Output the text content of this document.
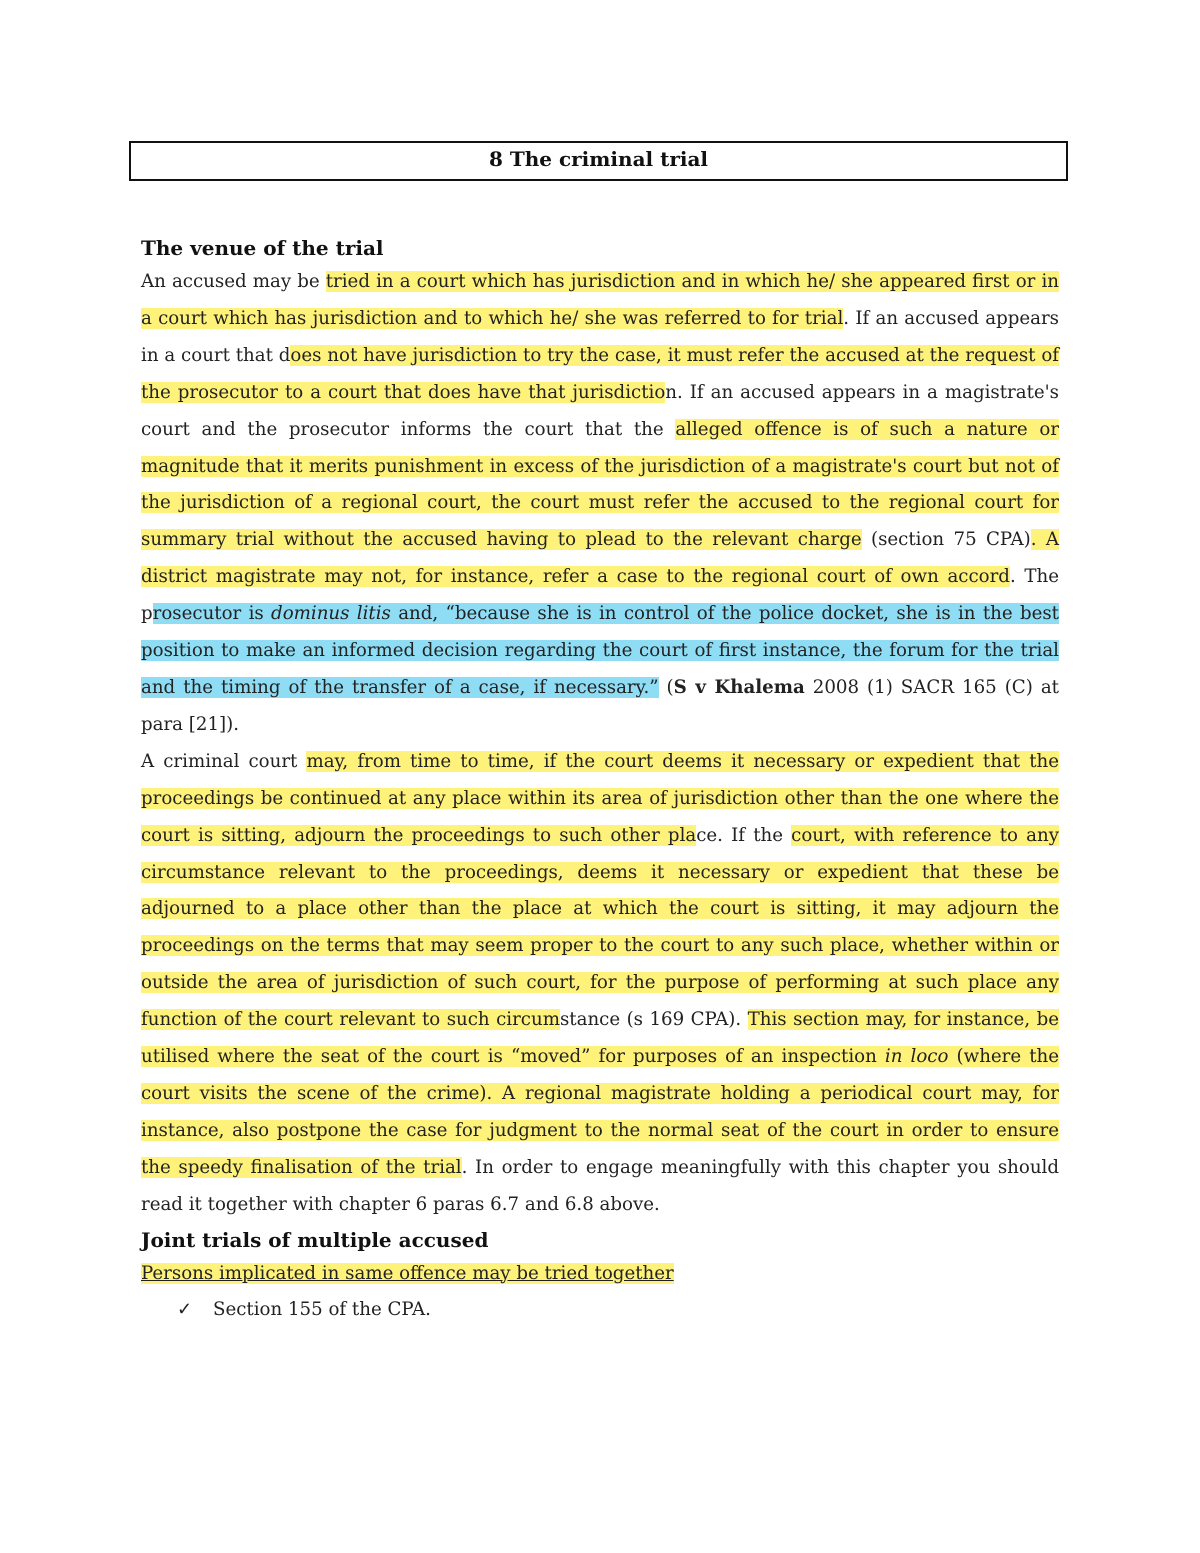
8 The criminal trial
The venue of the trial

An accused may be tried in a court which has jurisdiction and in which he/ she appeared first or in a court which has jurisdiction and to which he/ she was referred to for trial. If an accused appears in a court that does not have jurisdiction to try the case, it must refer the accused at the request of the prosecutor to a court that does have that jurisdiction. If an accused appears in a magistrate's court and the prosecutor informs the court that the alleged offence is of such a nature or magnitude that it merits punishment in excess of the jurisdiction of a magistrate's court but not of the jurisdiction of a regional court, the court must refer the accused to the regional court for summary trial without the accused having to plead to the relevant charge (section 75 CPA). A district magistrate may not, for instance, refer a case to the regional court of own accord. The prosecutor is dominus litis and, “because she is in control of the police docket, she is in the best position to make an informed decision regarding the court of first instance, the forum for the trial and the timing of the transfer of a case, if necessary.” (S v Khalema 2008 (1) SACR 165 (C) at para [21]).

A criminal court may, from time to time, if the court deems it necessary or expedient that the proceedings be continued at any place within its area of jurisdiction other than the one where the court is sitting, adjourn the proceedings to such other place. If the court, with reference to any circumstance relevant to the proceedings, deems it necessary or expedient that these be adjourned to a place other than the place at which the court is sitting, it may adjourn the proceedings on the terms that may seem proper to the court to any such place, whether within or outside the area of jurisdiction of such court, for the purpose of performing at such place any function of the court relevant to such circumstance (s 169 CPA). This section may, for instance, be utilised where the seat of the court is “moved” for purposes of an inspection in loco (where the court visits the scene of the crime). A regional magistrate holding a periodical court may, for instance, also postpone the case for judgment to the normal seat of the court in order to ensure the speedy finalisation of the trial. In order to engage meaningfully with this chapter you should read it together with chapter 6 paras 6.7 and 6.8 above.

Joint trials of multiple accused

Persons implicated in same offence may be tried together

✓	Section 155 of the CPA.
